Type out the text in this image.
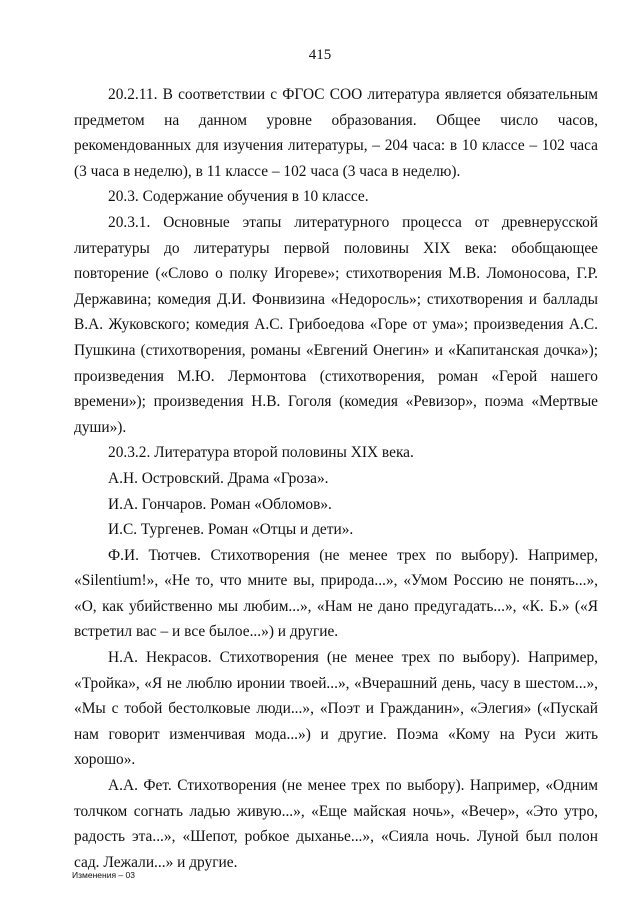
415

20.2.11. В соответствии с ФГОС СОО литература является обязательным предметом на данном уровне образования. Общее число часов, рекомендованных для изучения литературы, – 204 часа: в 10 классе – 102 часа (3 часа в неделю), в 11 классе – 102 часа (3 часа в неделю).

20.3. Содержание обучения в 10 классе.

20.3.1. Основные этапы литературного процесса от древнерусской литературы до литературы первой половины XIX века: обобщающее повторение («Слово о полку Игореве»; стихотворения М.В. Ломоносова, Г.Р. Державина; комедия Д.И. Фонвизина «Недоросль»; стихотворения и баллады В.А. Жуковского; комедия А.С. Грибоедова «Горе от ума»; произведения А.С. Пушкина (стихотворения, романы «Евгений Онегин» и «Капитанская дочка»); произведения М.Ю. Лермонтова (стихотворения, роман «Герой нашего времени»); произведения Н.В. Гоголя (комедия «Ревизор», поэма «Мертвые души»).

20.3.2. Литература второй половины XIX века.

А.Н. Островский. Драма «Гроза».

И.А. Гончаров. Роман «Обломов».

И.С. Тургенев. Роман «Отцы и дети».

Ф.И. Тютчев. Стихотворения (не менее трех по выбору). Например, «Silentium!», «Не то, что мните вы, природа...», «Умом Россию не понять...», «О, как убийственно мы любим...», «Нам не дано предугадать...», «К. Б.» («Я встретил вас – и все былое...») и другие.

Н.А. Некрасов. Стихотворения (не менее трех по выбору). Например, «Тройка», «Я не люблю иронии твоей...», «Вчерашний день, часу в шестом...», «Мы с тобой бестолковые люди...», «Поэт и Гражданин», «Элегия» («Пускай нам говорит изменчивая мода...») и другие. Поэма «Кому на Руси жить хорошо».

А.А. Фет. Стихотворения (не менее трех по выбору). Например, «Одним толчком согнать ладью живую...», «Еще майская ночь», «Вечер», «Это утро, радость эта...», «Шепот, робкое дыханье...», «Сияла ночь. Луной был полон сад. Лежали...» и другие.

Изменения – 03
